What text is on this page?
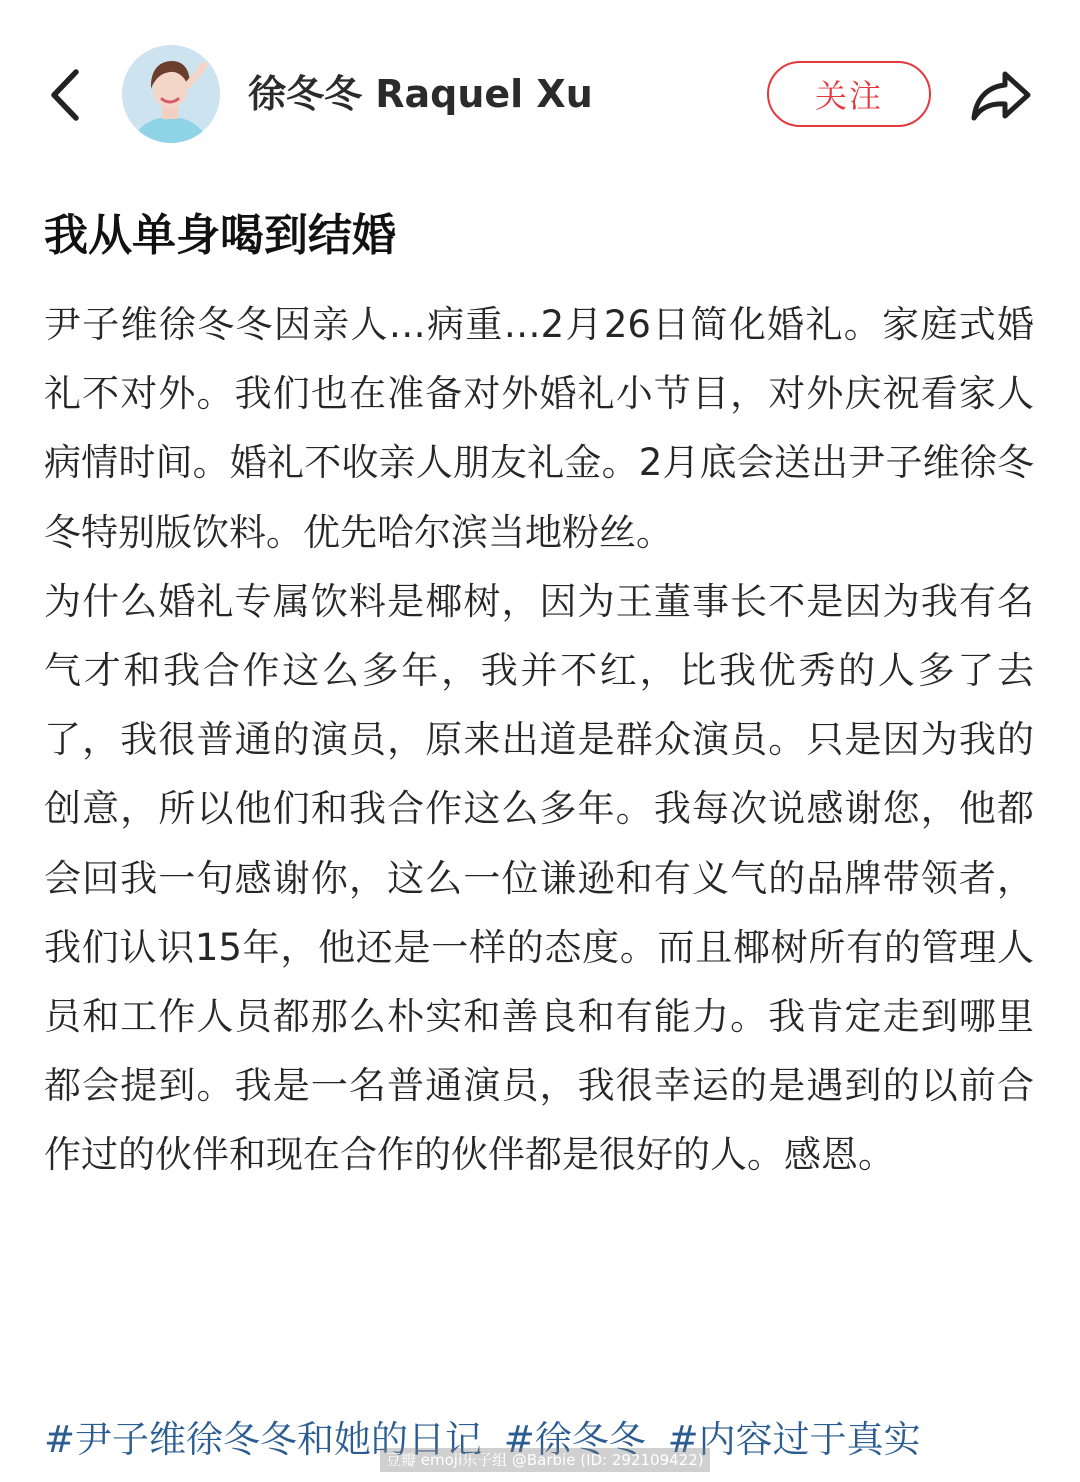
徐冬冬 Raquel Xu	关注
我从单身喝到结婚

尹子维徐冬冬因亲人…病重…2月26日简化婚礼。家庭式婚礼不对外。我们也在准备对外婚礼小节目，对外庆祝看家人病情时间。婚礼不收亲人朋友礼金。2月底会送出尹子维徐冬冬特别版饮料。优先哈尔滨当地粉丝。

为什么婚礼专属饮料是椰树，因为王董事长不是因为我有名气才和我合作这么多年，我并不红，比我优秀的人多了去了，我很普通的演员，原来出道是群众演员。只是因为我的创意，所以他们和我合作这么多年。我每次说感谢您，他都会回我一句感谢你，这么一位谦逊和有义气的品牌带领者，我们认识15年，他还是一样的态度。而且椰树所有的管理人员和工作人员都那么朴实和善良和有能力。我肯定走到哪里都会提到。我是一名普通演员，我很幸运的是遇到的以前合作过的伙伴和现在合作的伙伴都是很好的人。感恩。

#尹子维徐冬冬和她的日记 #徐冬冬 #内容过于真实
豆瓣 emoji乐子组 @Barbie (ID: 292109422)
